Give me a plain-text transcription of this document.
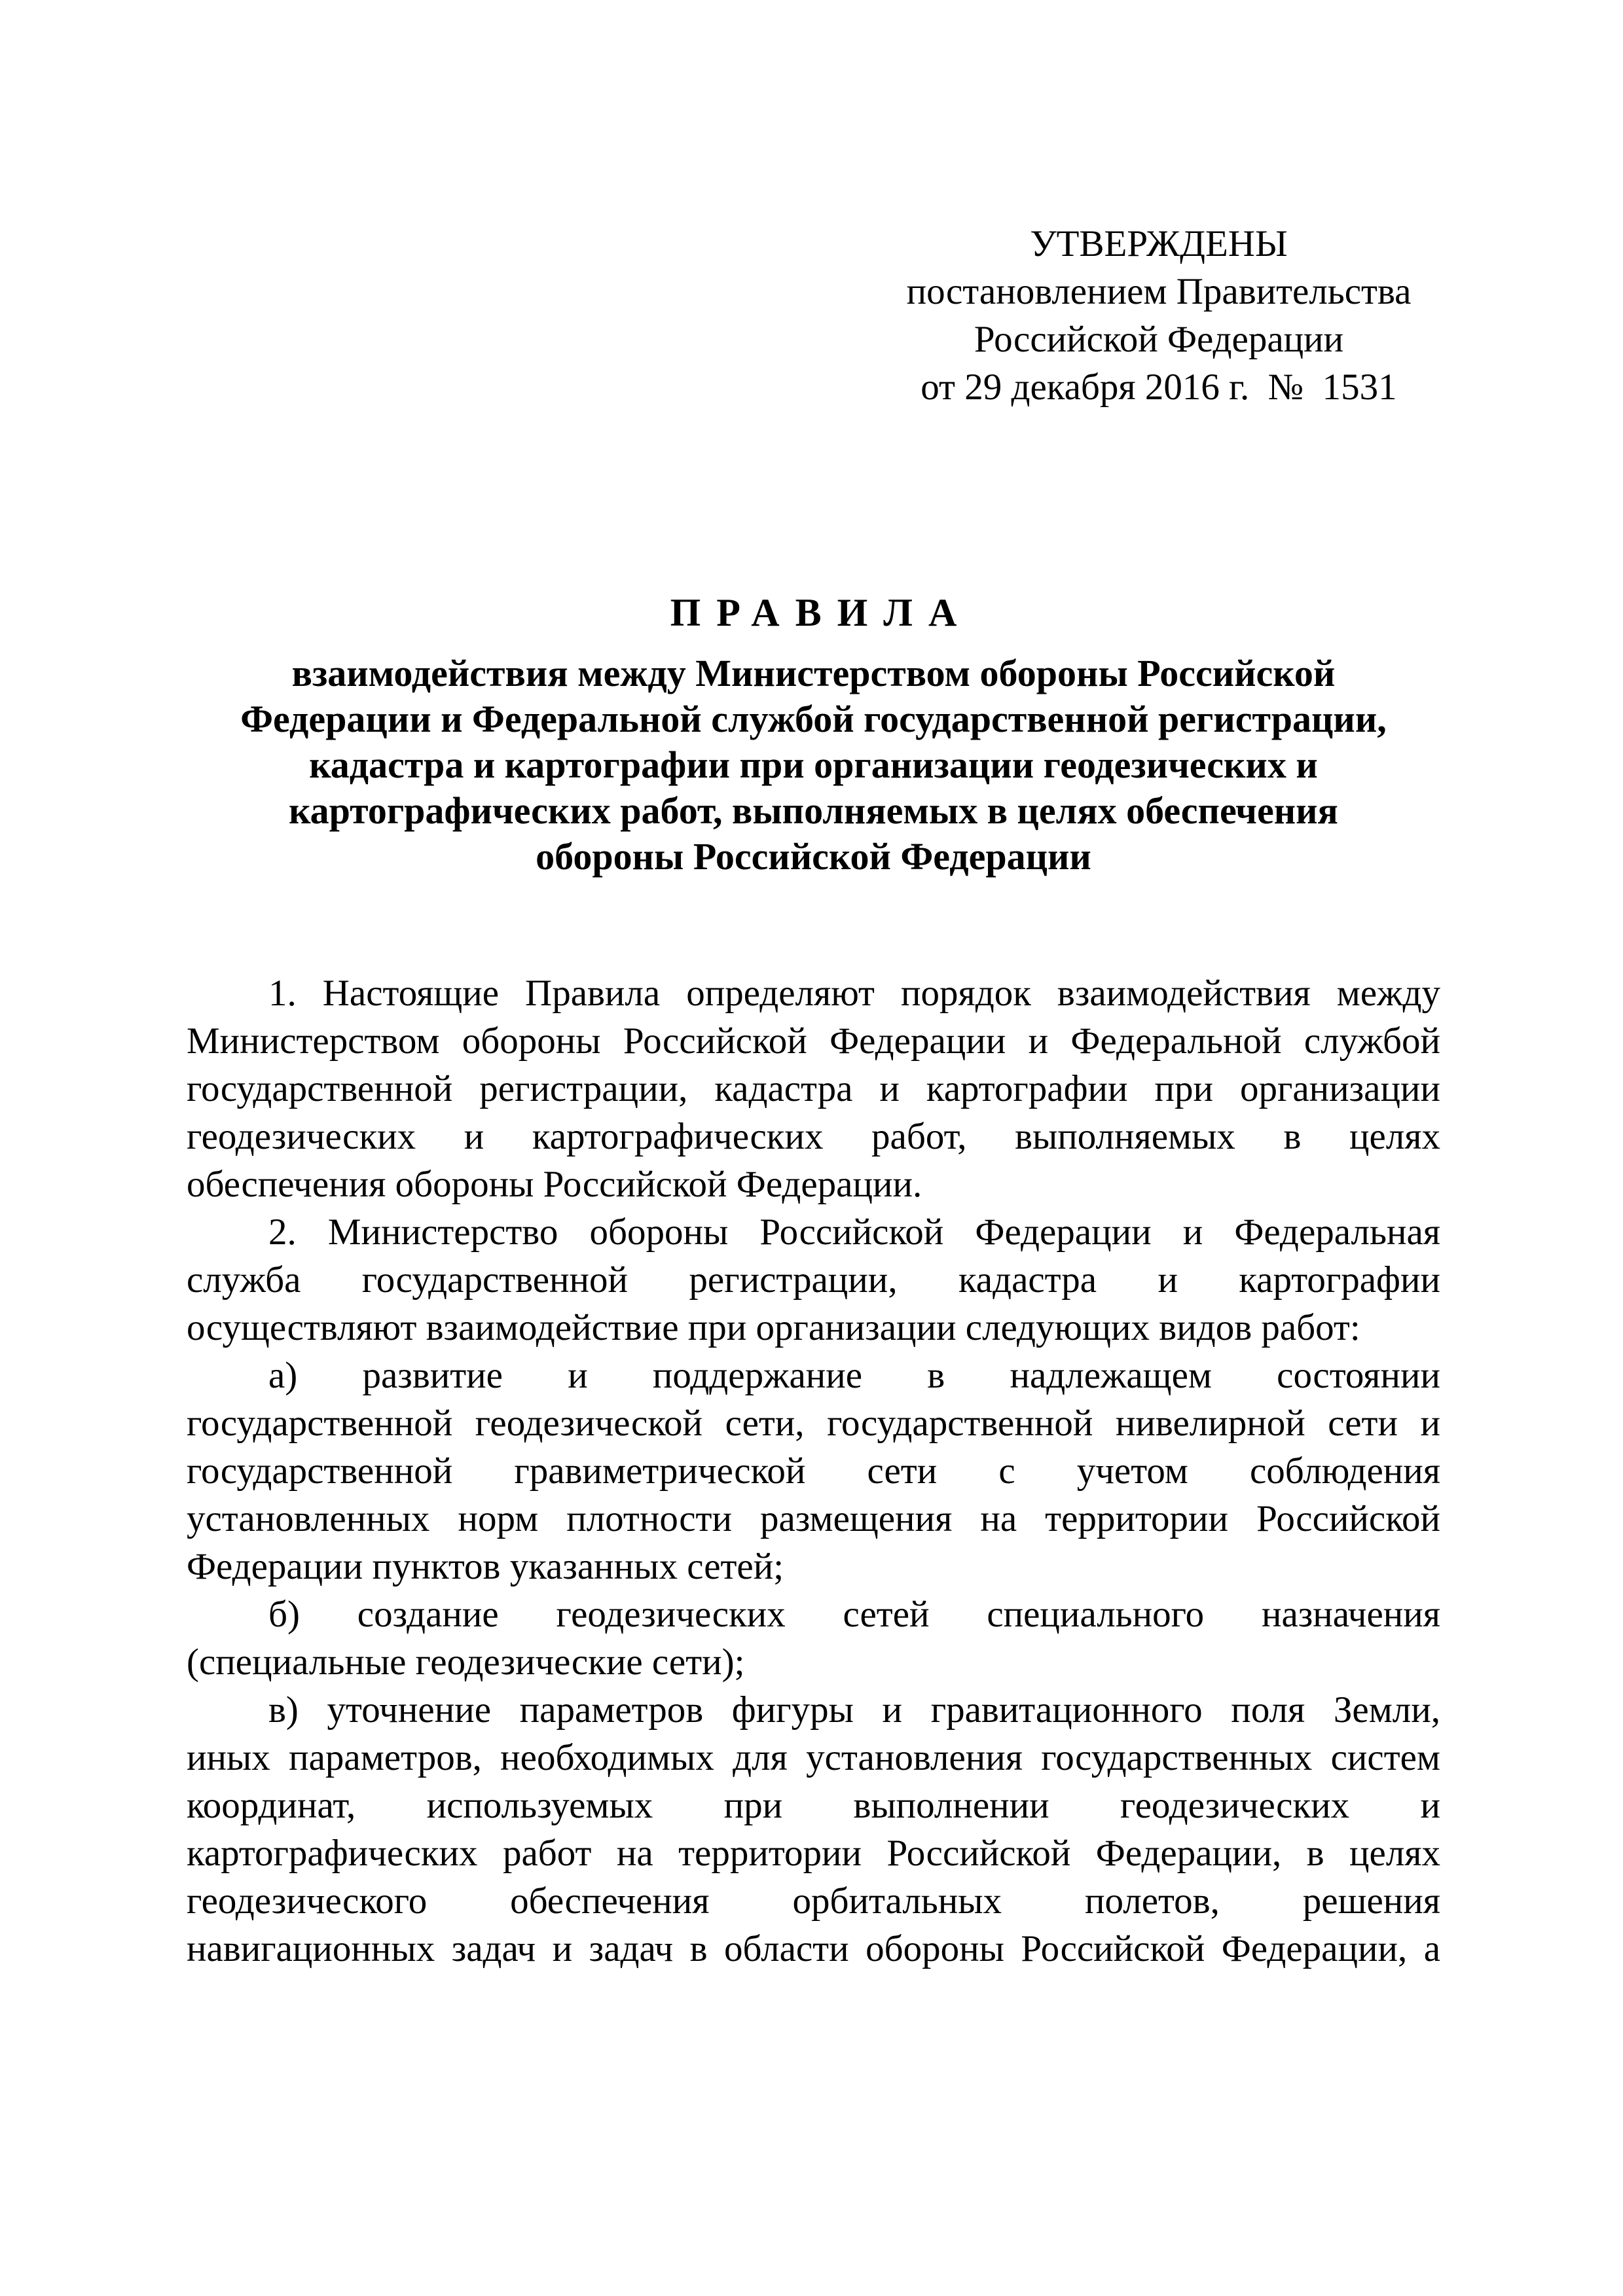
УТВЕРЖДЕНЫ
постановлением Правительства
Российской Федерации
от 29 декабря 2016 г.  №  1531
ПРАВИЛА
взаимодействия между Министерством обороны Российской
Федерации и Федеральной службой государственной регистрации,
кадастра и картографии при организации геодезических и
картографических работ, выполняемых в целях обеспечения
обороны Российской Федерации
1. Настоящие Правила определяют порядок взаимодействия между
Министерством обороны Российской Федерации и Федеральной службой
государственной регистрации, кадастра и картографии при организации
геодезических и картографических работ, выполняемых в целях
обеспечения обороны Российской Федерации.
2. Министерство обороны Российской Федерации и Федеральная
служба государственной регистрации, кадастра и картографии
осуществляют взаимодействие при организации следующих видов работ:
а) развитие и поддержание в надлежащем состоянии
государственной геодезической сети, государственной нивелирной сети и
государственной гравиметрической сети с учетом соблюдения
установленных норм плотности размещения на территории Российской
Федерации пунктов указанных сетей;
б) создание геодезических сетей специального назначения
(специальные геодезические сети);
в) уточнение параметров фигуры и гравитационного поля Земли,
иных параметров, необходимых для установления государственных систем
координат, используемых при выполнении геодезических и
картографических работ на территории Российской Федерации, в целях
геодезического обеспечения орбитальных полетов, решения
навигационных задач и задач в области обороны Российской Федерации, а
